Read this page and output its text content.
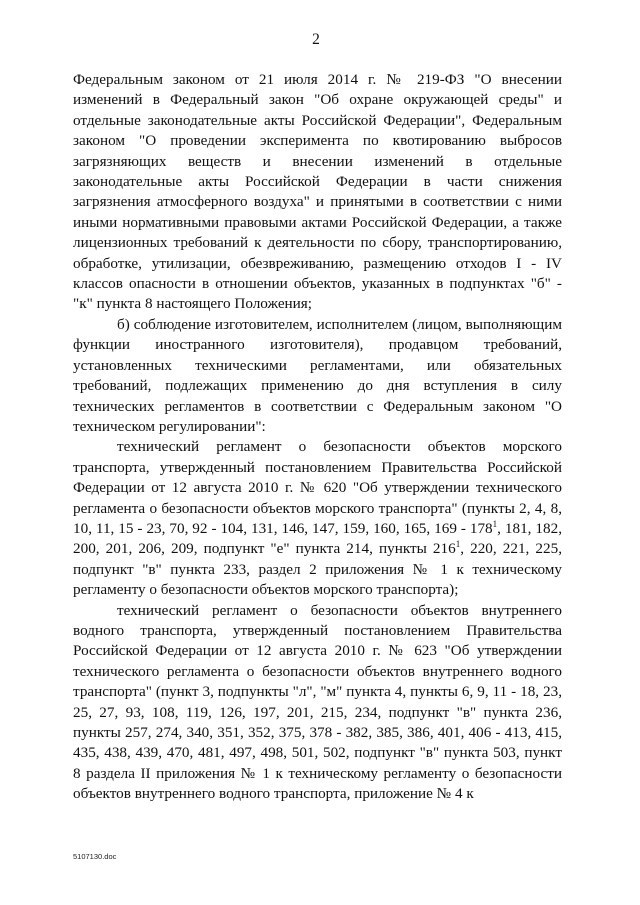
2

Федеральным законом от 21 июля 2014 г. № 219-ФЗ "О внесении изменений в Федеральный закон "Об охране окружающей среды" и отдельные законодательные акты Российской Федерации", Федеральным законом "О проведении эксперимента по квотированию выбросов загрязняющих веществ и внесении изменений в отдельные законодательные акты Российской Федерации в части снижения загрязнения атмосферного воздуха" и принятыми в соответствии с ними иными нормативными правовыми актами Российской Федерации, а также лицензионных требований к деятельности по сбору, транспортированию, обработке, утилизации, обезвреживанию, размещению отходов I - IV классов опасности в отношении объектов, указанных в подпунктах "б" - "к" пункта 8 настоящего Положения;

б) соблюдение изготовителем, исполнителем (лицом, выполняющим функции иностранного изготовителя), продавцом требований, установленных техническими регламентами, или обязательных требований, подлежащих применению до дня вступления в силу технических регламентов в соответствии с Федеральным законом "О техническом регулировании":

технический регламент о безопасности объектов морского транспорта, утвержденный постановлением Правительства Российской Федерации от 12 августа 2010 г. № 620 "Об утверждении технического регламента о безопасности объектов морского транспорта" (пункты 2, 4, 8, 10, 11, 15 - 23, 70, 92 - 104, 131, 146, 147, 159, 160, 165, $169 - 178^1$, 181, 182, 200, 201, 206, 209, подпункт "е" пункта 214, пункты $216^1$, 220, 221, 225, подпункт "в" пункта 233, раздел 2 приложения № 1 к техническому регламенту о безопасности объектов морского транспорта);

технический регламент о безопасности объектов внутреннего водного транспорта, утвержденный постановлением Правительства Российской Федерации от 12 августа 2010 г. № 623 "Об утверждении технического регламента о безопасности объектов внутреннего водного транспорта" (пункт 3, подпункты "л", "м" пункта 4, пункты 6, 9, 11 - 18, 23, 25, 27, 93, 108, 119, 126, 197, 201, 215, 234, подпункт "в" пункта 236, пункты 257, 274, 340, 351, 352, 375, 378 - 382, 385, 386, 401, 406 - 413, 415, 435, 438, 439, 470, 481, 497, 498, 501, 502, подпункт "в" пункта 503, пункт 8 раздела II приложения № 1 к техническому регламенту о безопасности объектов внутреннего водного транспорта, приложение № 4 к

5107130.doc
